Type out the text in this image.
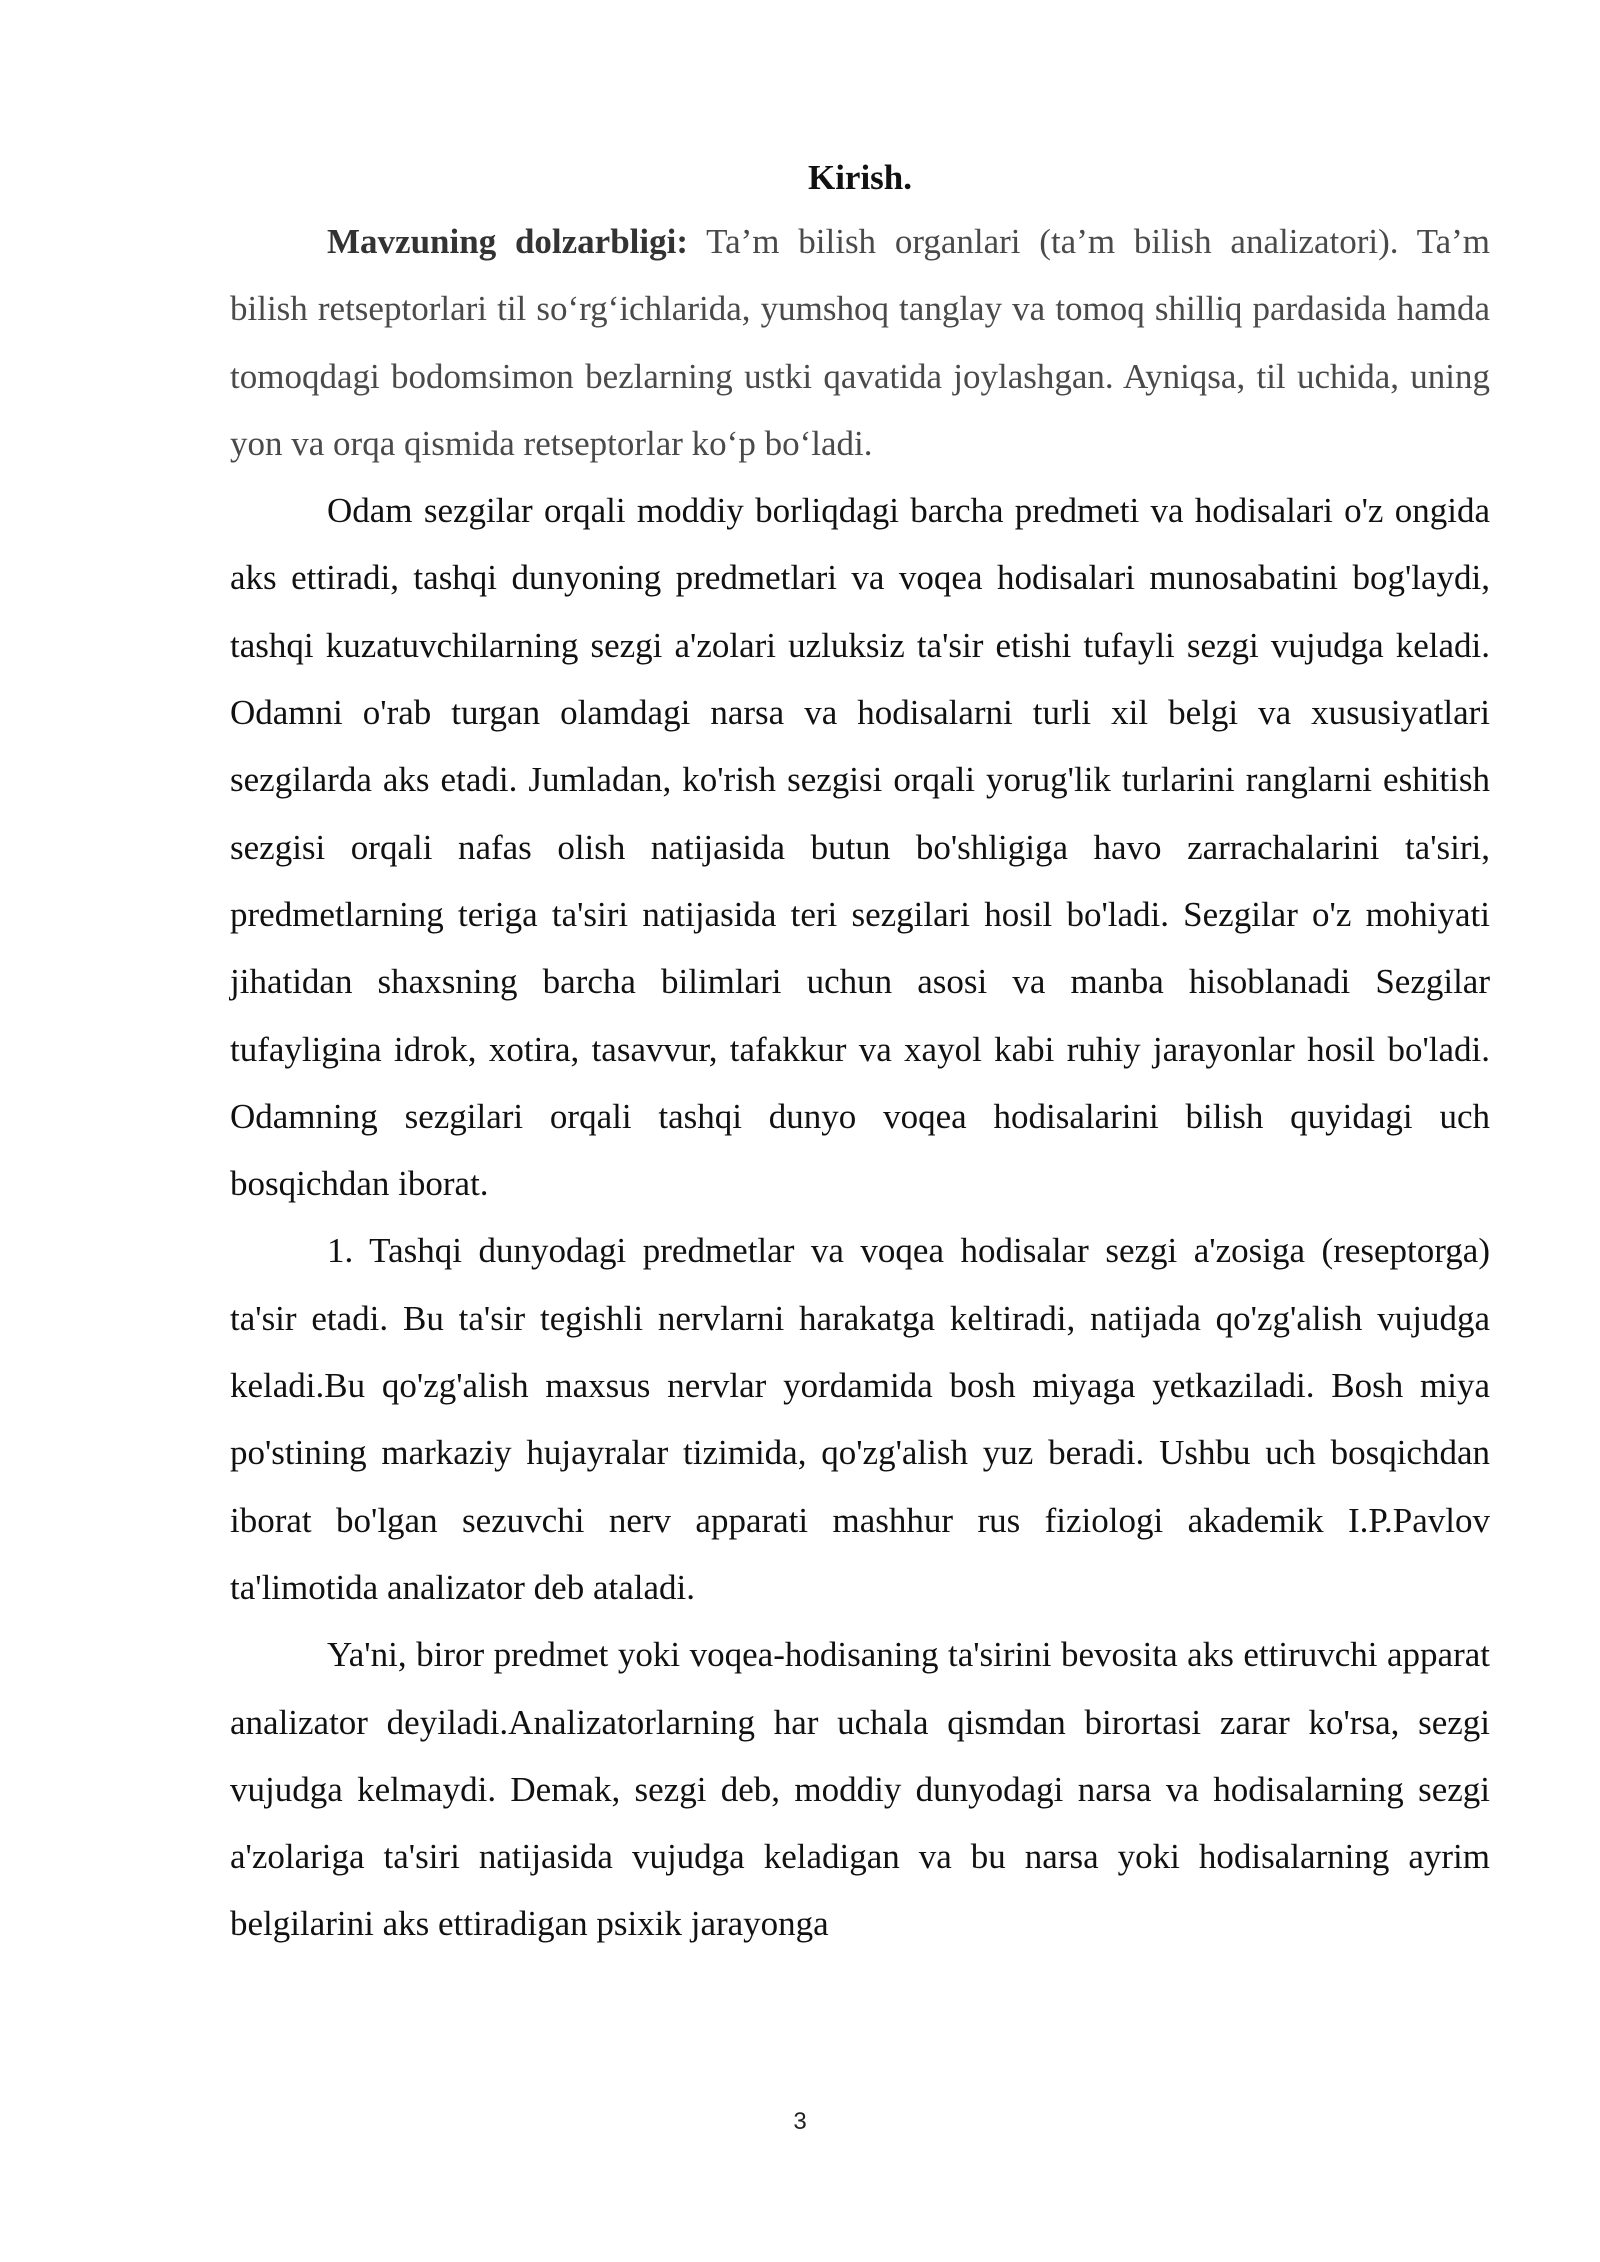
Kirish.

Mavzuning dolzarbligi: Ta’m bilish organlari (ta’m bilish analizatori). Ta’m bilish retseptorlari til so‘rg‘ichlarida, yumshoq tanglay va tomoq shilliq pardasida hamda tomoqdagi bodomsimon bezlarning ustki qavatida joylashgan. Ayniqsa, til uchida, uning yon va orqa qismida retseptorlar ko‘p bo‘ladi.

Odam sezgilar orqali moddiy borliqdagi barcha predmeti va hodisalari o'z ongida aks ettiradi, tashqi dunyoning predmetlari va voqea hodisalari munosabatini bog'laydi, tashqi kuzatuvchilarning sezgi a'zolari uzluksiz ta'sir etishi tufayli sezgi vujudga keladi. Odamni o'rab turgan olamdagi narsa va hodisalarni turli xil belgi va xususiyatlari sezgilarda aks etadi. Jumladan, ko'rish sezgisi orqali yorug'lik turlarini ranglarni eshitish sezgisi orqali nafas olish natijasida butun bo'shligiga havo zarrachalarini ta'siri, predmetlarning teriga ta'siri natijasida teri sezgilari hosil bo'ladi. Sezgilar o'z mohiyati jihatidan shaxsning barcha bilimlari uchun asosi va manba hisoblanadi Sezgilar tufayligina idrok, xotira, tasavvur, tafakkur va xayol kabi ruhiy jarayonlar hosil bo'ladi. Odamning sezgilari orqali tashqi dunyo voqea hodisalarini bilish quyidagi uch bosqichdan iborat.

1. Tashqi dunyodagi predmetlar va voqea hodisalar sezgi a'zosiga (reseptorga) ta'sir etadi. Bu ta'sir tegishli nervlarni harakatga keltiradi, natijada qo'zg'alish vujudga keladi.Bu qo'zg'alish maxsus nervlar yordamida bosh miyaga yetkaziladi. Bosh miya po'stining markaziy hujayralar tizimida, qo'zg'alish yuz beradi. Ushbu uch bosqichdan iborat bo'lgan sezuvchi nerv apparati mashhur rus fiziologi akademik I.P.Pavlov ta'limotida analizator deb ataladi.

Ya'ni, biror predmet yoki voqea-hodisaning ta'sirini bevosita aks ettiruvchi apparat analizator deyiladi.Analizatorlarning har uchala qismdan birortasi zarar ko'rsa, sezgi vujudga kelmaydi. Demak, sezgi deb, moddiy dunyodagi narsa va hodisalarning sezgi a'zolariga ta'siri natijasida vujudga keladigan va bu narsa yoki hodisalarning ayrim belgilarini aks ettiradigan psixik jarayonga

3
